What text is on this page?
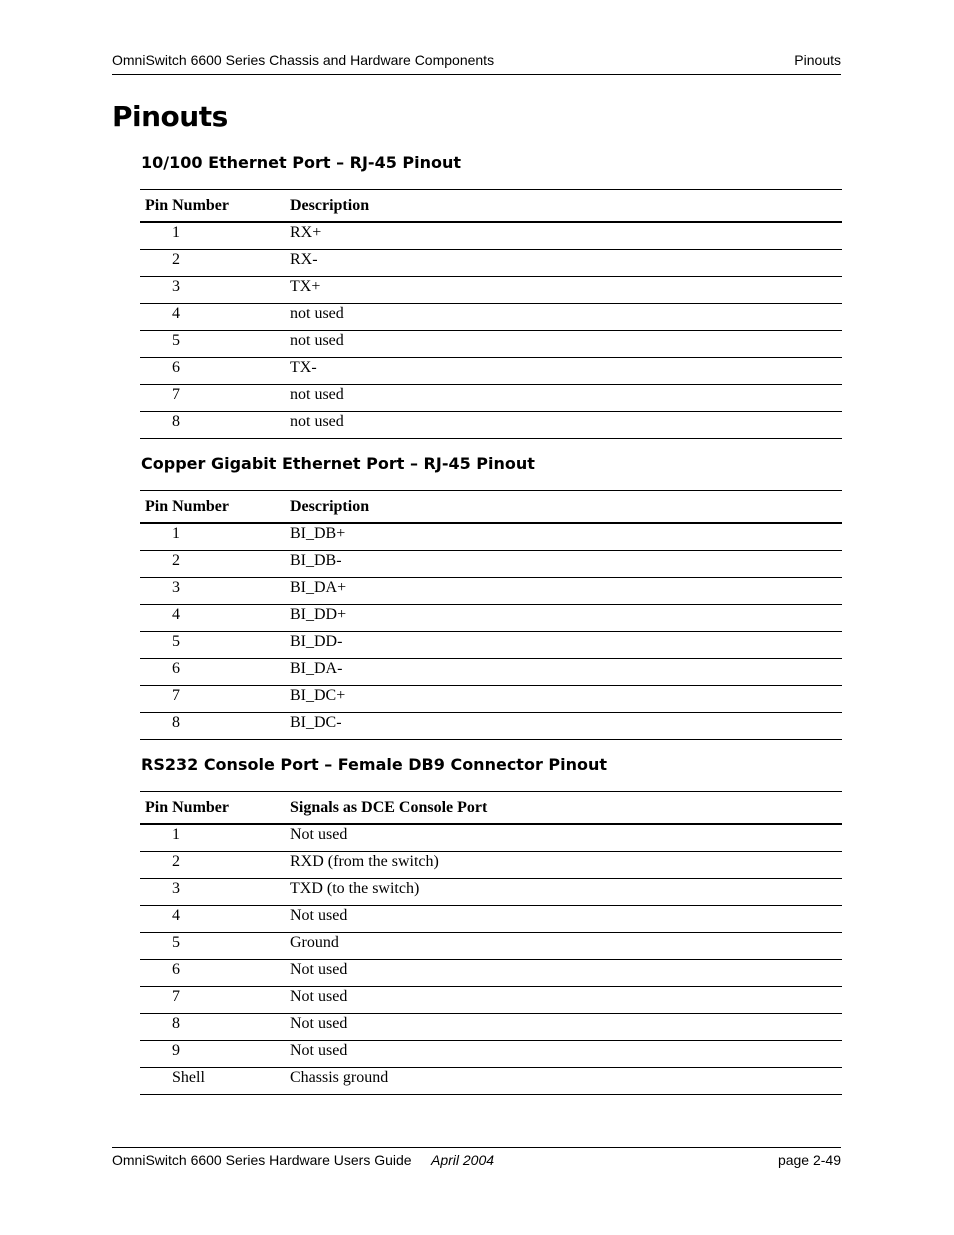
OmniSwitch 6600 Series Chassis and Hardware Components	Pinouts
Pinouts
10/100 Ethernet Port – RJ-45 Pinout
Pin Number	Description
1	RX+
2	RX-
3	TX+
4	not used
5	not used
6	TX-
7	not used
8	not used
Copper Gigabit Ethernet Port – RJ-45 Pinout
Pin Number	Description
1	BI_DB+
2	BI_DB-
3	BI_DA+
4	BI_DD+
5	BI_DD-
6	BI_DA-
7	BI_DC+
8	BI_DC-
RS232 Console Port – Female DB9 Connector Pinout
Pin Number	Signals as DCE Console Port
1	Not used
2	RXD (from the switch)
3	TXD (to the switch)
4	Not used
5	Ground
6	Not used
7	Not used
8	Not used
9	Not used
Shell	Chassis ground
OmniSwitch 6600 Series Hardware Users Guide April 2004	page 2-49
